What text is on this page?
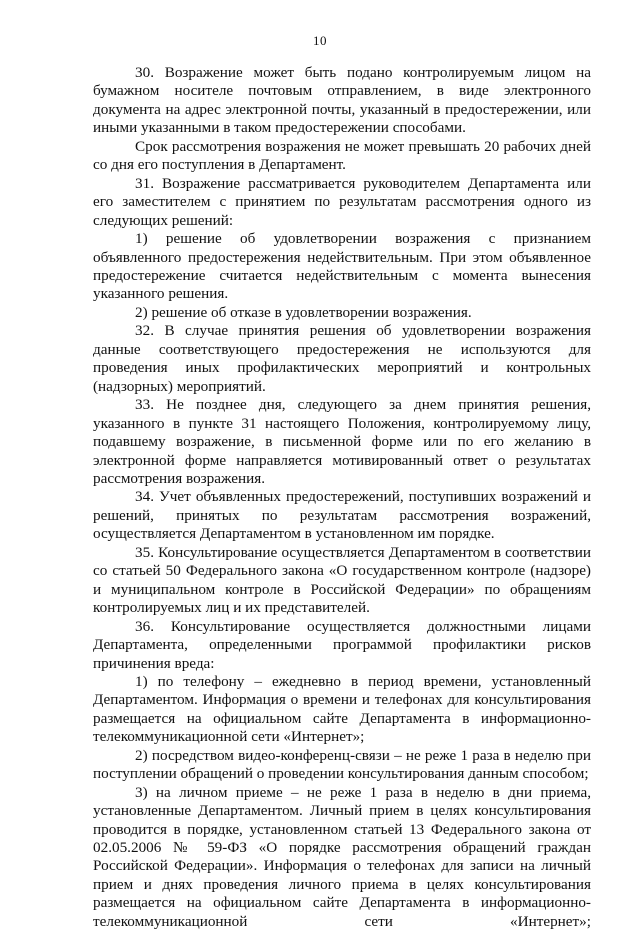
10

30. Возражение может быть подано контролируемым лицом на бумажном носителе почтовым отправлением, в виде электронного документа на адрес электронной почты, указанный в предостережении, или иными указанными в таком предостережении способами.

Срок рассмотрения возражения не может превышать 20 рабочих дней со дня его поступления в Департамент.

31. Возражение рассматривается руководителем Департамента или его заместителем с принятием по результатам рассмотрения одного из следующих решений:

1) решение об удовлетворении возражения с признанием объявленного предостережения недействительным. При этом объявленное предостережение считается недействительным с момента вынесения указанного решения.

2) решение об отказе в удовлетворении возражения.

32. В случае принятия решения об удовлетворении возражения данные соответствующего предостережения не используются для проведения иных профилактических мероприятий и контрольных (надзорных) мероприятий.

33. Не позднее дня, следующего за днем принятия решения, указанного в пункте 31 настоящего Положения, контролируемому лицу, подавшему возражение, в письменной форме или по его желанию в электронной форме направляется мотивированный ответ о результатах рассмотрения возражения.

34. Учет объявленных предостережений, поступивших возражений и решений, принятых по результатам рассмотрения возражений, осуществляется Департаментом в установленном им порядке.

35. Консультирование осуществляется Департаментом в соответствии со статьей 50 Федерального закона «О государственном контроле (надзоре) и муниципальном контроле в Российской Федерации» по обращениям контролируемых лиц и их представителей.

36. Консультирование осуществляется должностными лицами Департамента, определенными программой профилактики рисков причинения вреда:

1) по телефону – ежедневно в период времени, установленный Департаментом. Информация о времени и телефонах для консультирования размещается на официальном сайте Департамента в информационно-телекоммуникационной сети «Интернет»;

2) посредством видео-конференц-связи – не реже 1 раза в неделю при поступлении обращений о проведении консультирования данным способом;

3) на личном приеме – не реже 1 раза в неделю в дни приема, установленные Департаментом. Личный прием в целях консультирования проводится в порядке, установленном статьей 13 Федерального закона от 02.05.2006 № 59-ФЗ «О порядке рассмотрения обращений граждан Российской Федерации». Информация о телефонах для записи на личный прием и днях проведения личного приема в целях консультирования размещается на официальном сайте Департамента в информационно-телекоммуникационной сети «Интернет»;
